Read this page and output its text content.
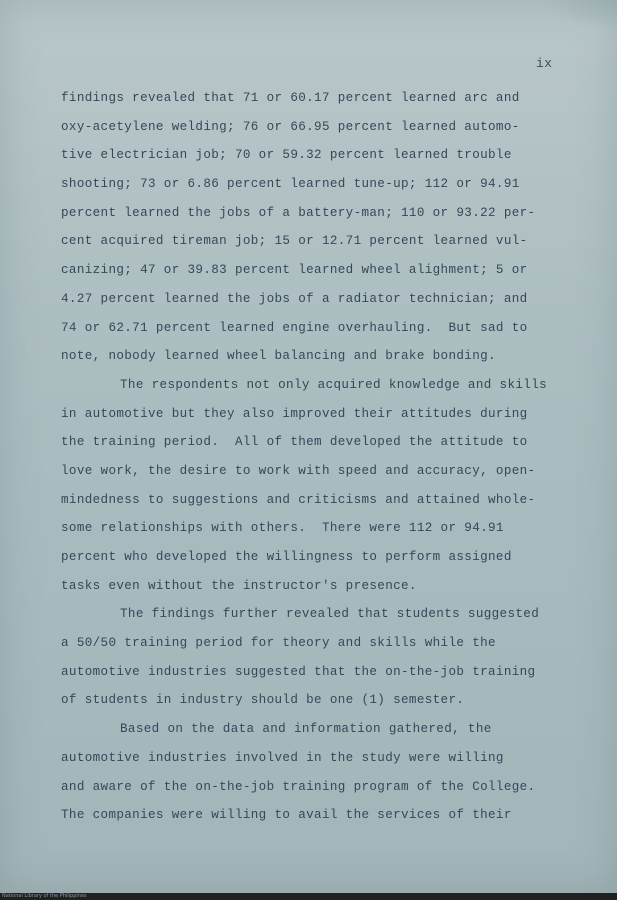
ix
findings revealed that 71 or 60.17 percent learned arc and
oxy-acetylene welding; 76 or 66.95 percent learned automo-
tive electrician job; 70 or 59.32 percent learned trouble
shooting; 73 or 6.86 percent learned tune-up; 112 or 94.91
percent learned the jobs of a battery-man; 110 or 93.22 per-
cent acquired tireman job; 15 or 12.71 percent learned vul-
canizing; 47 or 39.83 percent learned wheel alighment; 5 or
4.27 percent learned the jobs of a radiator technician; and
74 or 62.71 percent learned engine overhauling.  But sad to
note, nobody learned wheel balancing and brake bonding.
The respondents not only acquired knowledge and skills
in automotive but they also improved their attitudes during
the training period.  All of them developed the attitude to
love work, the desire to work with speed and accuracy, open-
mindedness to suggestions and criticisms and attained whole-
some relationships with others.  There were 112 or 94.91
percent who developed the willingness to perform assigned
tasks even without the instructor's presence.
The findings further revealed that students suggested
a 50/50 training period for theory and skills while the
automotive industries suggested that the on-the-job training
of students in industry should be one (1) semester.
Based on the data and information gathered, the
automotive industries involved in the study were willing
and aware of the on-the-job training program of the College.
The companies were willing to avail the services of their
National Library of the Philippines
